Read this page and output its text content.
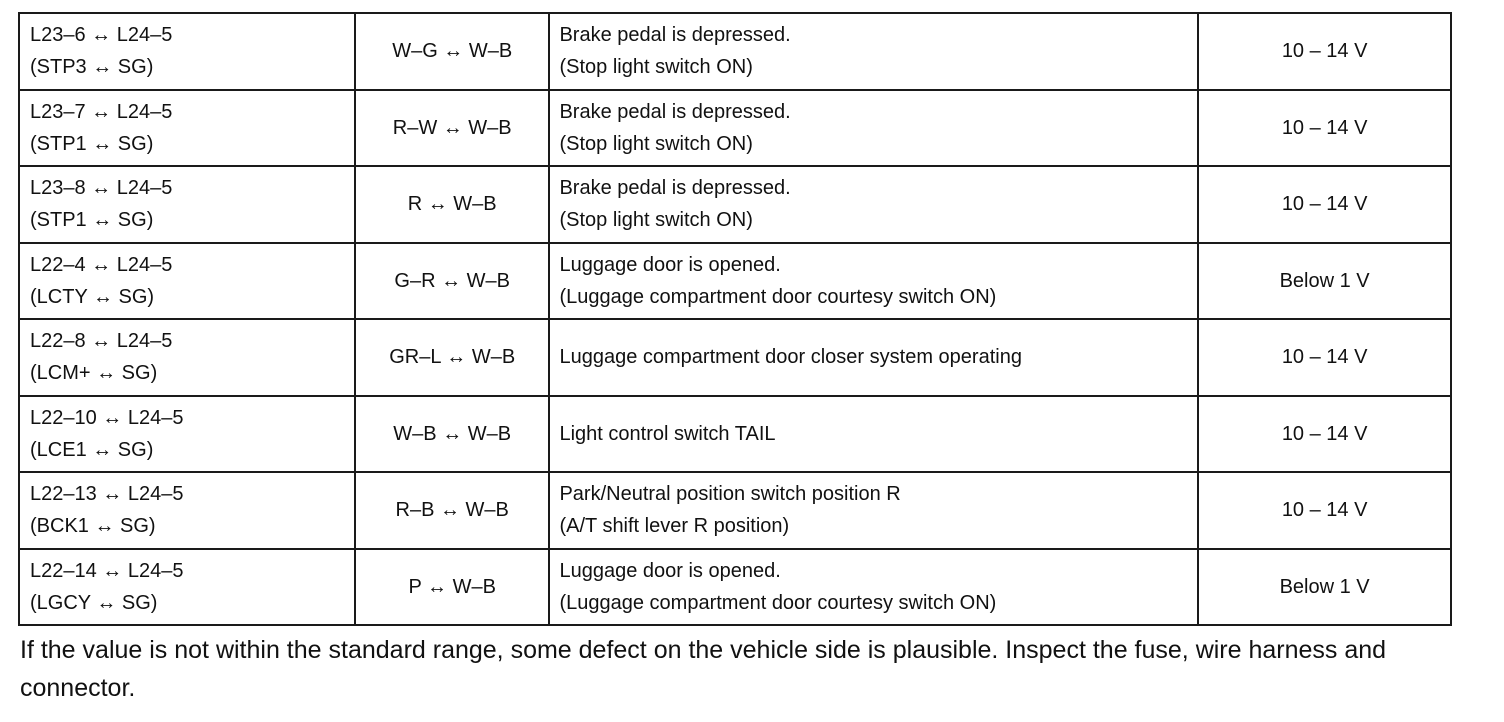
L23–6 ↔ L24–5
(STP3 ↔ SG)	W–G ↔ W–B	Brake pedal is depressed.
(Stop light switch ON)	10 – 14 V

L23–7 ↔ L24–5
(STP1 ↔ SG)	R–W ↔ W–B	Brake pedal is depressed.
(Stop light switch ON)	10 – 14 V

L23–8 ↔ L24–5
(STP1 ↔ SG)	R ↔ W–B	Brake pedal is depressed.
(Stop light switch ON)	10 – 14 V

L22–4 ↔ L24–5
(LCTY ↔ SG)	G–R ↔ W–B	Luggage door is opened.
(Luggage compartment door courtesy switch ON)	Below 1 V

L22–8 ↔ L24–5
(LCM+ ↔ SG)	GR–L ↔ W–B	Luggage compartment door closer system operating	10 – 14 V

L22–10 ↔ L24–5
(LCE1 ↔ SG)	W–B ↔ W–B	Light control switch TAIL	10 – 14 V

L22–13 ↔ L24–5
(BCK1 ↔ SG)	R–B ↔ W–B	Park/Neutral position switch position R
(A/T shift lever R position)	10 – 14 V

L22–14 ↔ L24–5
(LGCY ↔ SG)	P ↔ W–B	Luggage door is opened.
(Luggage compartment door courtesy switch ON)	Below 1 V
If the value is not within the standard range, some defect on the vehicle side is plausible. Inspect the fuse, wire harness and connector.
